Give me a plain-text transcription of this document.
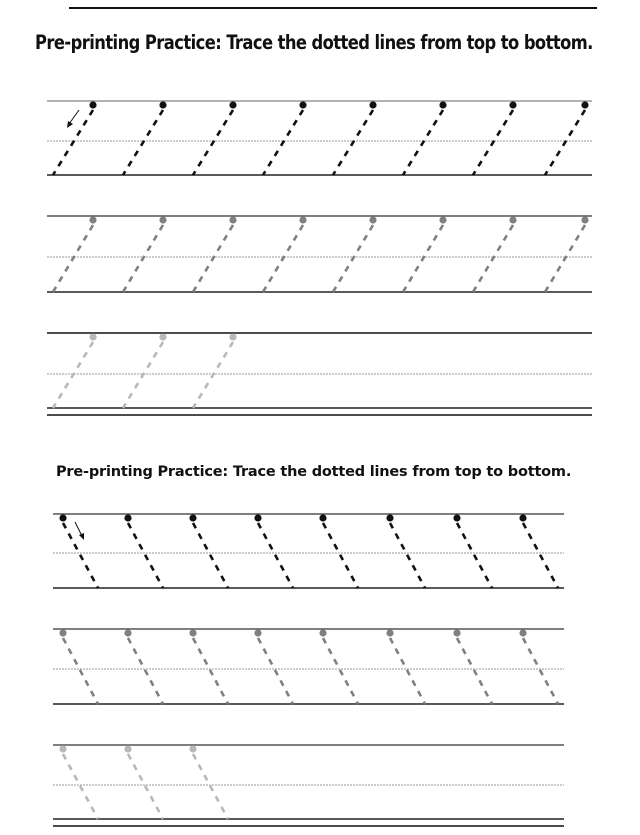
Pre-printing Practice: Trace the dotted lines from top to bottom.
Pre-printing Practice: Trace the dotted lines from top to bottom.
